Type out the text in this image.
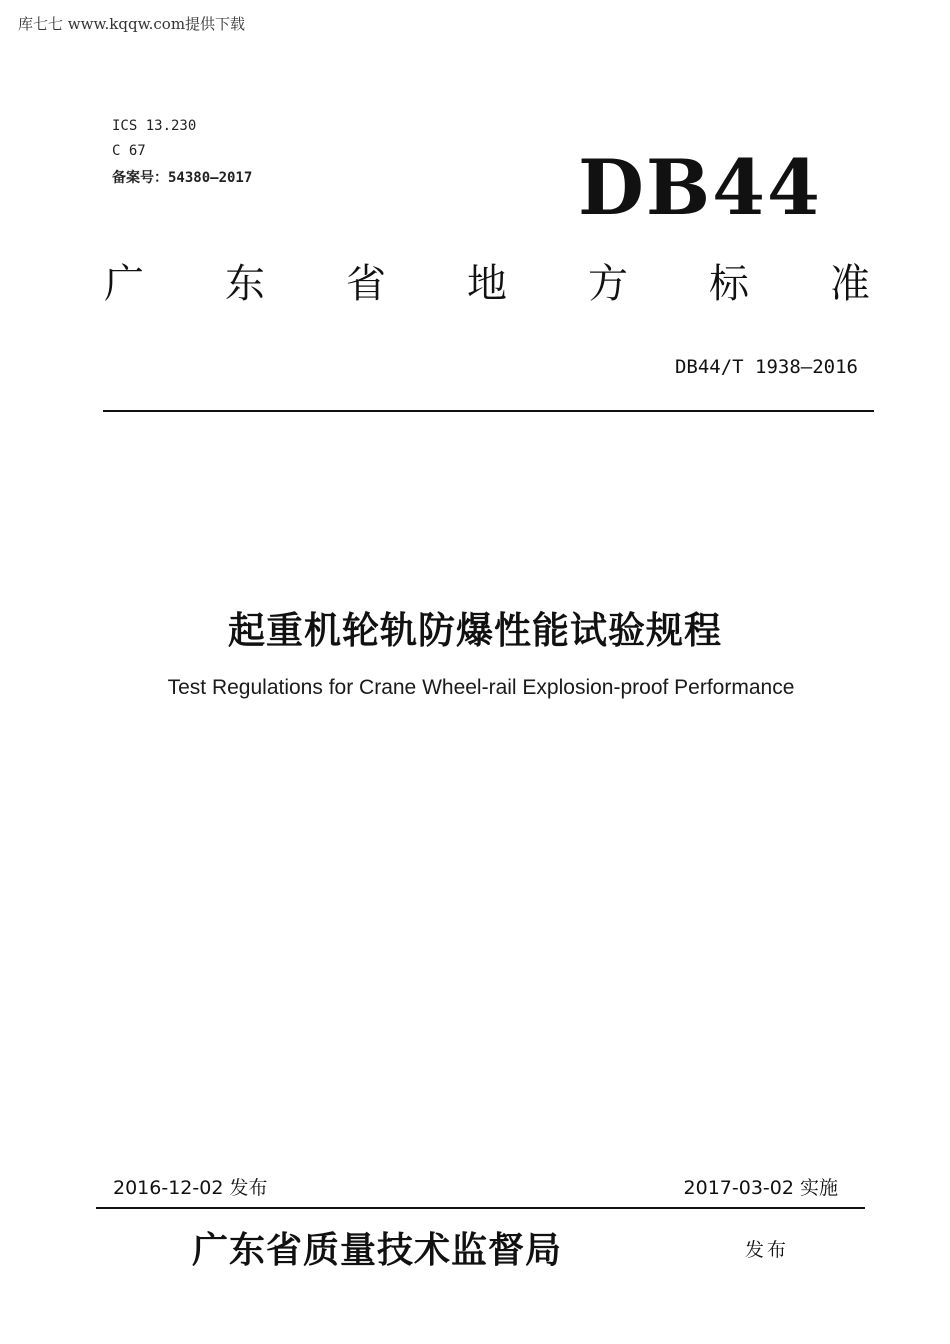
库七七 www.kqqw.com提供下载
ICS 13.230
C 67
备案号：54380—2017	DB44
广 东 省 地 方 标 准
DB44/T 1938—2016
起重机轮轨防爆性能试验规程
Test Regulations for Crane Wheel-rail Explosion-proof Performance
2016-12-02 发布	2017-03-02 实施
广东省质量技术监督局	发布
